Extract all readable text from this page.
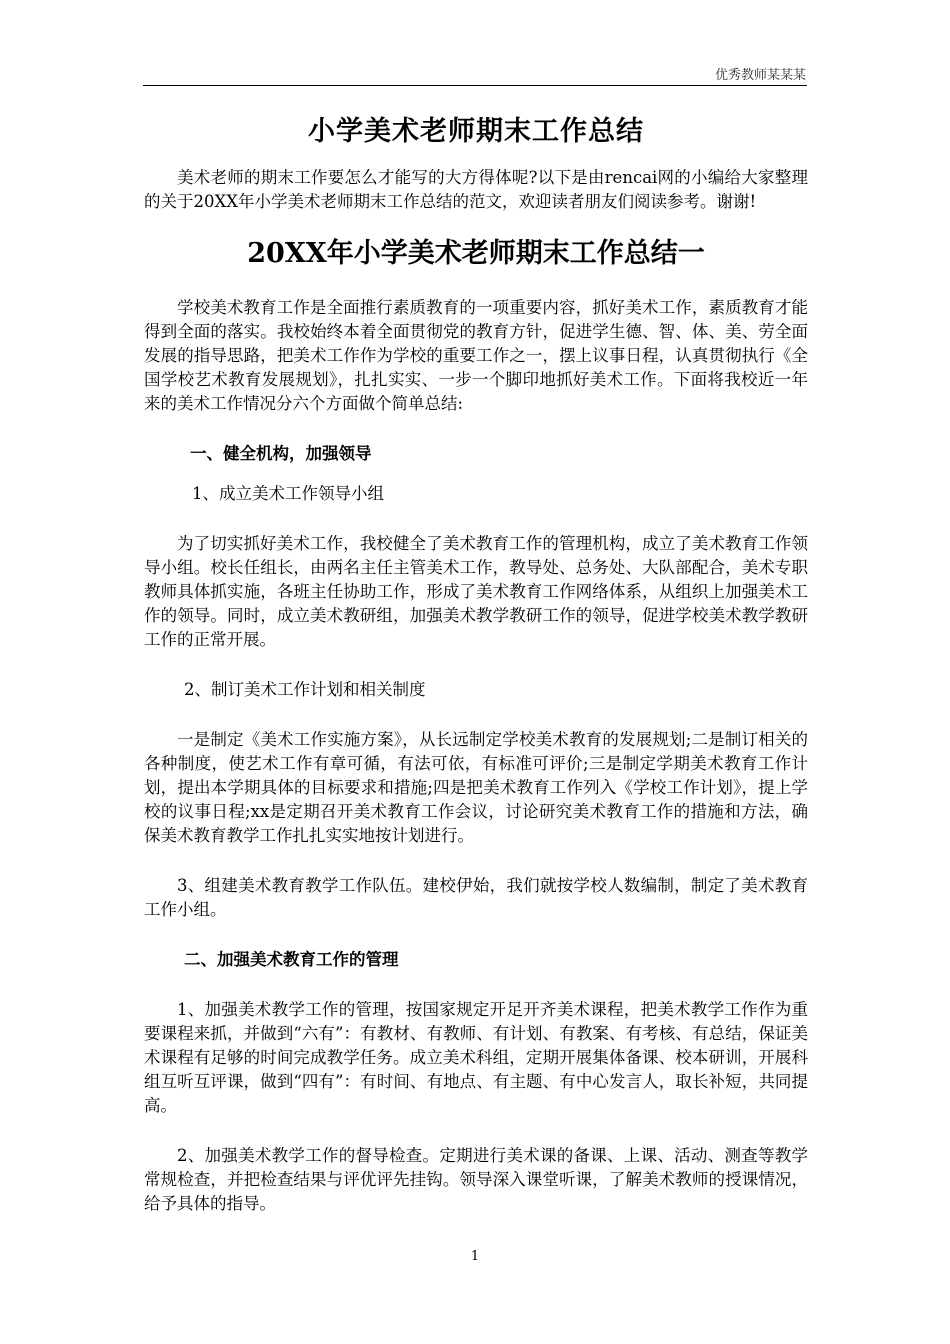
优秀教师某某某
小学美术老师期末工作总结

美术老师的期末工作要怎么才能写的大方得体呢?以下是由rencai网的小编给大家整理的关于20XX年小学美术老师期末工作总结的范文，欢迎读者朋友们阅读参考。谢谢!

20XX年小学美术老师期末工作总结一

学校美术教育工作是全面推行素质教育的一项重要内容，抓好美术工作，素质教育才能得到全面的落实。我校始终本着全面贯彻党的教育方针，促进学生德、智、体、美、劳全面发展的指导思路，把美术工作作为学校的重要工作之一，摆上议事日程，认真贯彻执行《全国学校艺术教育发展规划》，扎扎实实、一步一个脚印地抓好美术工作。下面将我校近一年来的美术工作情况分六个方面做个简单总结:

一、健全机构，加强领导
1、成立美术工作领导小组

为了切实抓好美术工作，我校健全了美术教育工作的管理机构，成立了美术教育工作领导小组。校长任组长，由两名主任主管美术工作，教导处、总务处、大队部配合，美术专职教师具体抓实施，各班主任协助工作，形成了美术教育工作网络体系，从组织上加强美术工作的领导。同时，成立美术教研组，加强美术教学教研工作的领导，促进学校美术教学教研工作的正常开展。

2、制订美术工作计划和相关制度

一是制定《美术工作实施方案》，从长远制定学校美术教育的发展规划;二是制订相关的各种制度，使艺术工作有章可循，有法可依，有标准可评价;三是制定学期美术教育工作计划，提出本学期具体的目标要求和措施;四是把美术教育工作列入《学校工作计划》，提上学校的议事日程;xx是定期召开美术教育工作会议，讨论研究美术教育工作的措施和方法，确保美术教育教学工作扎扎实实地按计划进行。

3、组建美术教育教学工作队伍。建校伊始，我们就按学校人数编制，制定了美术教育工作小组。

二、加强美术教育工作的管理

1、加强美术教学工作的管理，按国家规定开足开齐美术课程，把美术教学工作作为重要课程来抓，并做到“六有”：有教材、有教师、有计划、有教案、有考核、有总结，保证美术课程有足够的时间完成教学任务。成立美术科组，定期开展集体备课、校本研训，开展科组互听互评课，做到“四有”：有时间、有地点、有主题、有中心发言人，取长补短，共同提高。

2、加强美术教学工作的督导检查。定期进行美术课的备课、上课、活动、测查等教学常规检查，并把检查结果与评优评先挂钩。领导深入课堂听课，了解美术教师的授课情况，给予具体的指导。

1
